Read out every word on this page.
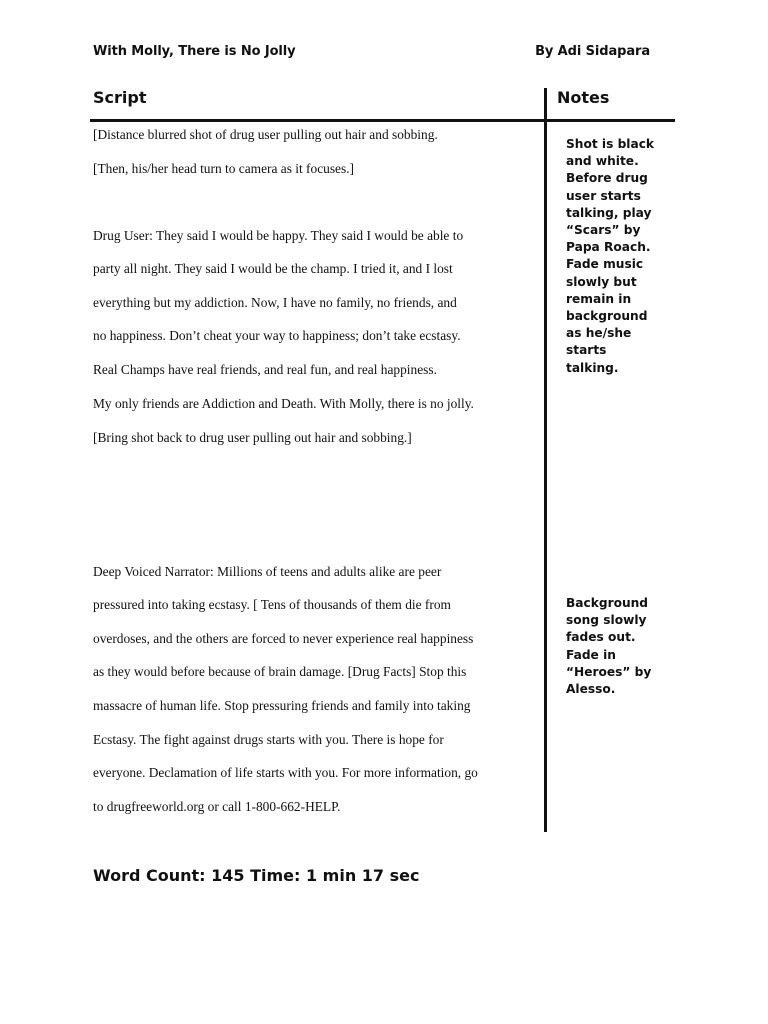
With Molly, There is No Jolly	By Adi Sidapara
Script	Notes
[Distance blurred shot of drug user pulling out hair and sobbing.
[Then, his/her head turn to camera as it focuses.]
Drug User: They said I would be happy. They said I would be able to
party all night. They said I would be the champ. I tried it, and I lost
everything but my addiction. Now, I have no family, no friends, and
no happiness. Don’t cheat your way to happiness; don’t take ecstasy.
Real Champs have real friends, and real fun, and real happiness.
My only friends are Addiction and Death. With Molly, there is no jolly.
[Bring shot back to drug user pulling out hair and sobbing.]
Deep Voiced Narrator: Millions of teens and adults alike are peer
pressured into taking ecstasy. [ Tens of thousands of them die from
overdoses, and the others are forced to never experience real happiness
as they would before because of brain damage. [Drug Facts] Stop this
massacre of human life. Stop pressuring friends and family into taking
Ecstasy. The fight against drugs starts with you. There is hope for
everyone. Declamation of life starts with you. For more information, go
to drugfreeworld.org or call 1-800-662-HELP.
Shot is black
and white.
Before drug
user starts
talking, play
“Scars” by
Papa Roach.
Fade music
slowly but
remain in
background
as he/she
starts
talking.
Background
song slowly
fades out.
Fade in
“Heroes” by
Alesso.
Word Count: 145 Time: 1 min 17 sec
